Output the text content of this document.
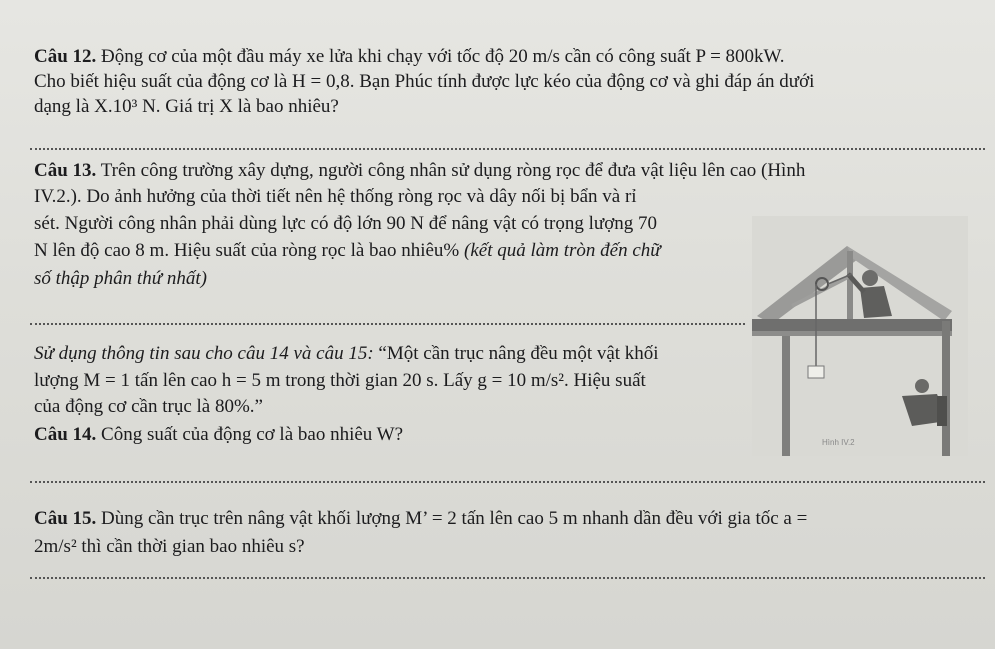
Câu 12. Động cơ của một đầu máy xe lửa khi chạy với tốc độ 20 m/s cần có công suất P = 800kW.
Cho biết hiệu suất của động cơ là H = 0,8. Bạn Phúc tính được lực kéo của động cơ và ghi đáp án dưới
dạng là X.10³ N. Giá trị X là bao nhiêu?
Câu 13. Trên công trường xây dựng, người công nhân sử dụng ròng rọc để đưa vật liệu lên cao (Hình
IV.2.). Do ảnh hưởng của thời tiết nên hệ thống ròng rọc và dây nối bị bẩn và rỉ
sét. Người công nhân phải dùng lực có độ lớn 90 N để nâng vật có trọng lượng 70
N lên độ cao 8 m. Hiệu suất của ròng rọc là bao nhiêu% (kết quả làm tròn đến chữ
số thập phân thứ nhất)
Sử dụng thông tin sau cho câu 14 và câu 15: “Một cần trục nâng đều một vật khối
lượng M = 1 tấn lên cao h = 5 m trong thời gian 20 s. Lấy g = 10 m/s². Hiệu suất
của động cơ cần trục là 80%.”
Câu 14. Công suất của động cơ là bao nhiêu W?
Câu 15. Dùng cần trục trên nâng vật khối lượng M’ = 2 tấn lên cao 5 m nhanh dần đều với gia tốc a =
2m/s² thì cần thời gian bao nhiêu s?
Hình IV.2
